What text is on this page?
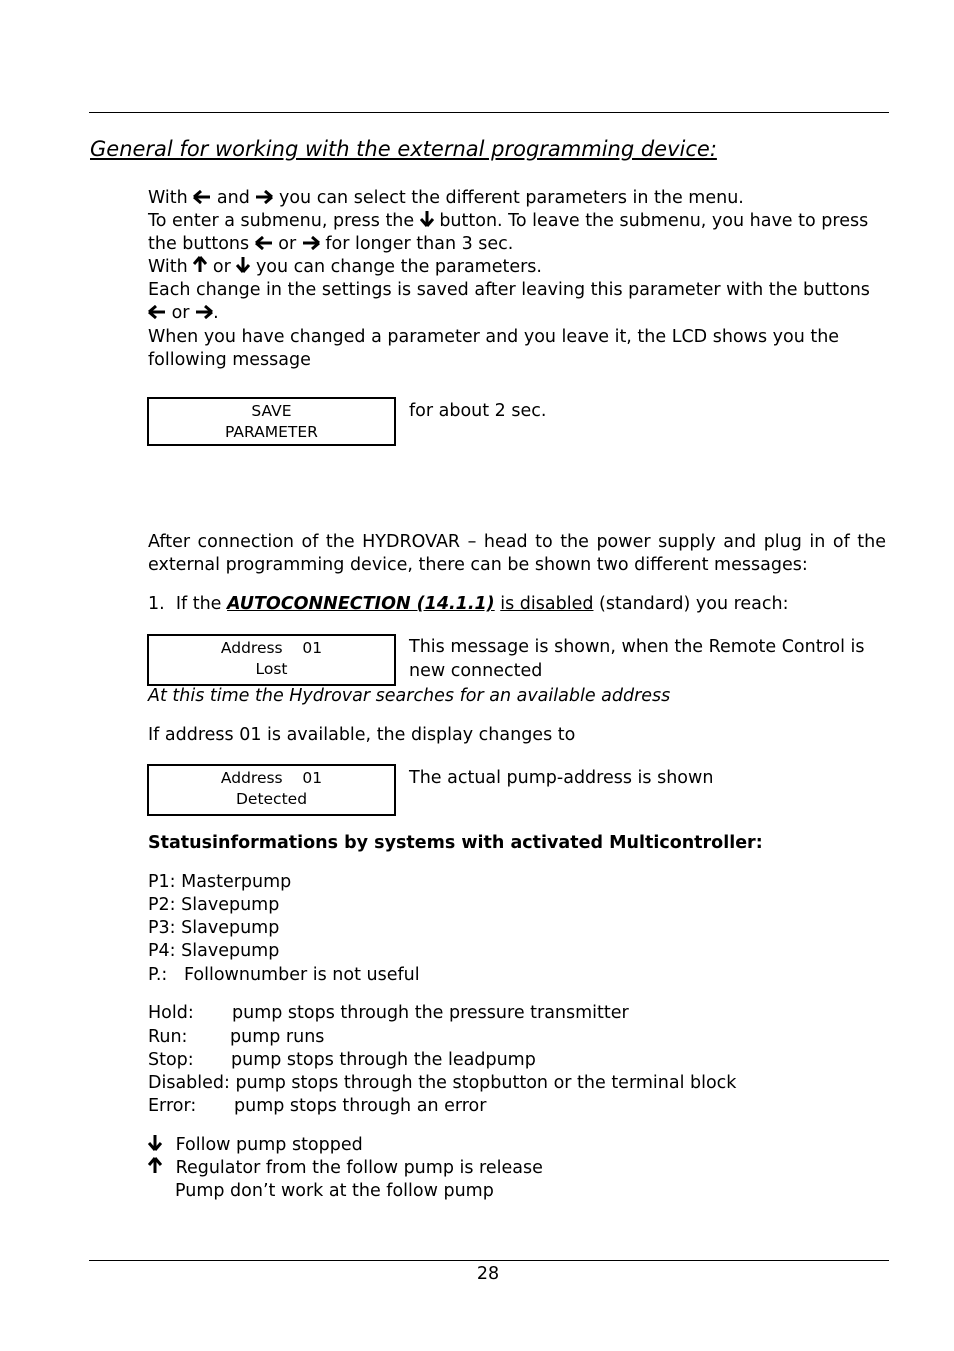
General for working with the external programming device:
With and you can select the different parameters in the menu.
To enter a submenu, press the button. To leave the submenu, you have to press
the buttons or for longer than 3 sec.
With or you can change the parameters.
Each change in the settings is saved after leaving this parameter with the buttons
or .
When you have changed a parameter and you leave it, the LCD shows you the
following message
SAVE
PARAMETER
for about 2 sec.
After connection of the HYDROVAR – head to the power supply and plug in of the external programming device, there can be shown two different messages:
1. If the AUTOCONNECTION (14.1.1) is disabled (standard) you reach:
Address    01
Lost
This message is shown, when the Remote Control is
new connected
At this time the Hydrovar searches for an available address
If address 01 is available, the display changes to
Address    01
Detected
The actual pump-address is shown
Statusinformations by systems with activated Multicontroller:
P1: Masterpump
P2: Slavepump
P3: Slavepump
P4: Slavepump
P.:   Follownumber is not useful
Hold: pump stops through the pressure transmitter
Run: pump runs
Stop: pump stops through the leadpump
Disabled: pump stops through the stopbutton or the terminal block
Error: pump stops through an error
Follow pump stopped
Regulator from the follow pump is release
Pump don’t work at the follow pump
28
